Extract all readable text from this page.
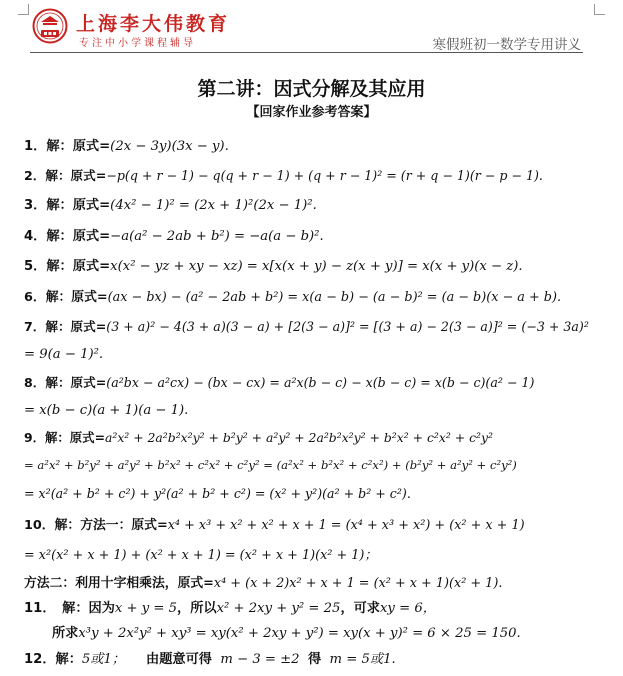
上海李大伟教育
专注中小学课程辅导	寒假班初一数学专用讲义
第二讲：因式分解及其应用
【回家作业参考答案】
1．解：原式=(2x − 3y)(3x − y).
2．解：原式=−p(q + r − 1) − q(q + r − 1) + (q + r − 1)² = (r + q − 1)(r − p − 1).
3．解：原式=(4x² − 1)² = (2x + 1)²(2x − 1)².
4．解：原式=−a(a² − 2ab + b²) = −a(a − b)².
5．解：原式=x(x² − yz + xy − xz) = x[x(x + y) − z(x + y)] = x(x + y)(x − z).
6．解：原式=(ax − bx) − (a² − 2ab + b²) = x(a − b) − (a − b)² = (a − b)(x − a + b).
7．解：原式=(3 + a)² − 4(3 + a)(3 − a) + [2(3 − a)]² = [(3 + a) − 2(3 − a)]² = (−3 + 3a)²
= 9(a − 1)².
8．解：原式=(a²bx − a²cx) − (bx − cx) = a²x(b − c) − x(b − c) = x(b − c)(a² − 1)
= x(b − c)(a + 1)(a − 1).
9．解：原式=a²x² + 2a²b²x²y² + b²y² + a²y² + 2a²b²x²y² + b²x² + c²x² + c²y²
= a²x² + b²y² + a²y² + b²x² + c²x² + c²y² = (a²x² + b²x² + c²x²) + (b²y² + a²y² + c²y²)
= x²(a² + b² + c²) + y²(a² + b² + c²) = (x² + y²)(a² + b² + c²).
10．解：方法一：原式=x⁴ + x³ + x² + x² + x + 1 = (x⁴ + x³ + x²) + (x² + x + 1)
= x²(x² + x + 1) + (x² + x + 1) = (x² + x + 1)(x² + 1)；
方法二：利用十字相乘法，原式=x⁴ + (x + 2)x² + x + 1 = (x² + x + 1)(x² + 1).
11．　解：因为x + y = 5，所以x² + 2xy + y² = 25，可求xy = 6，
所求x³y + 2x²y² + xy³ = xy(x² + 2xy + y²) = xy(x + y)² = 6 × 25 = 150.
12．解：5或1； 由题意可得 m − 3 = ±2 得 m = 5或1.
